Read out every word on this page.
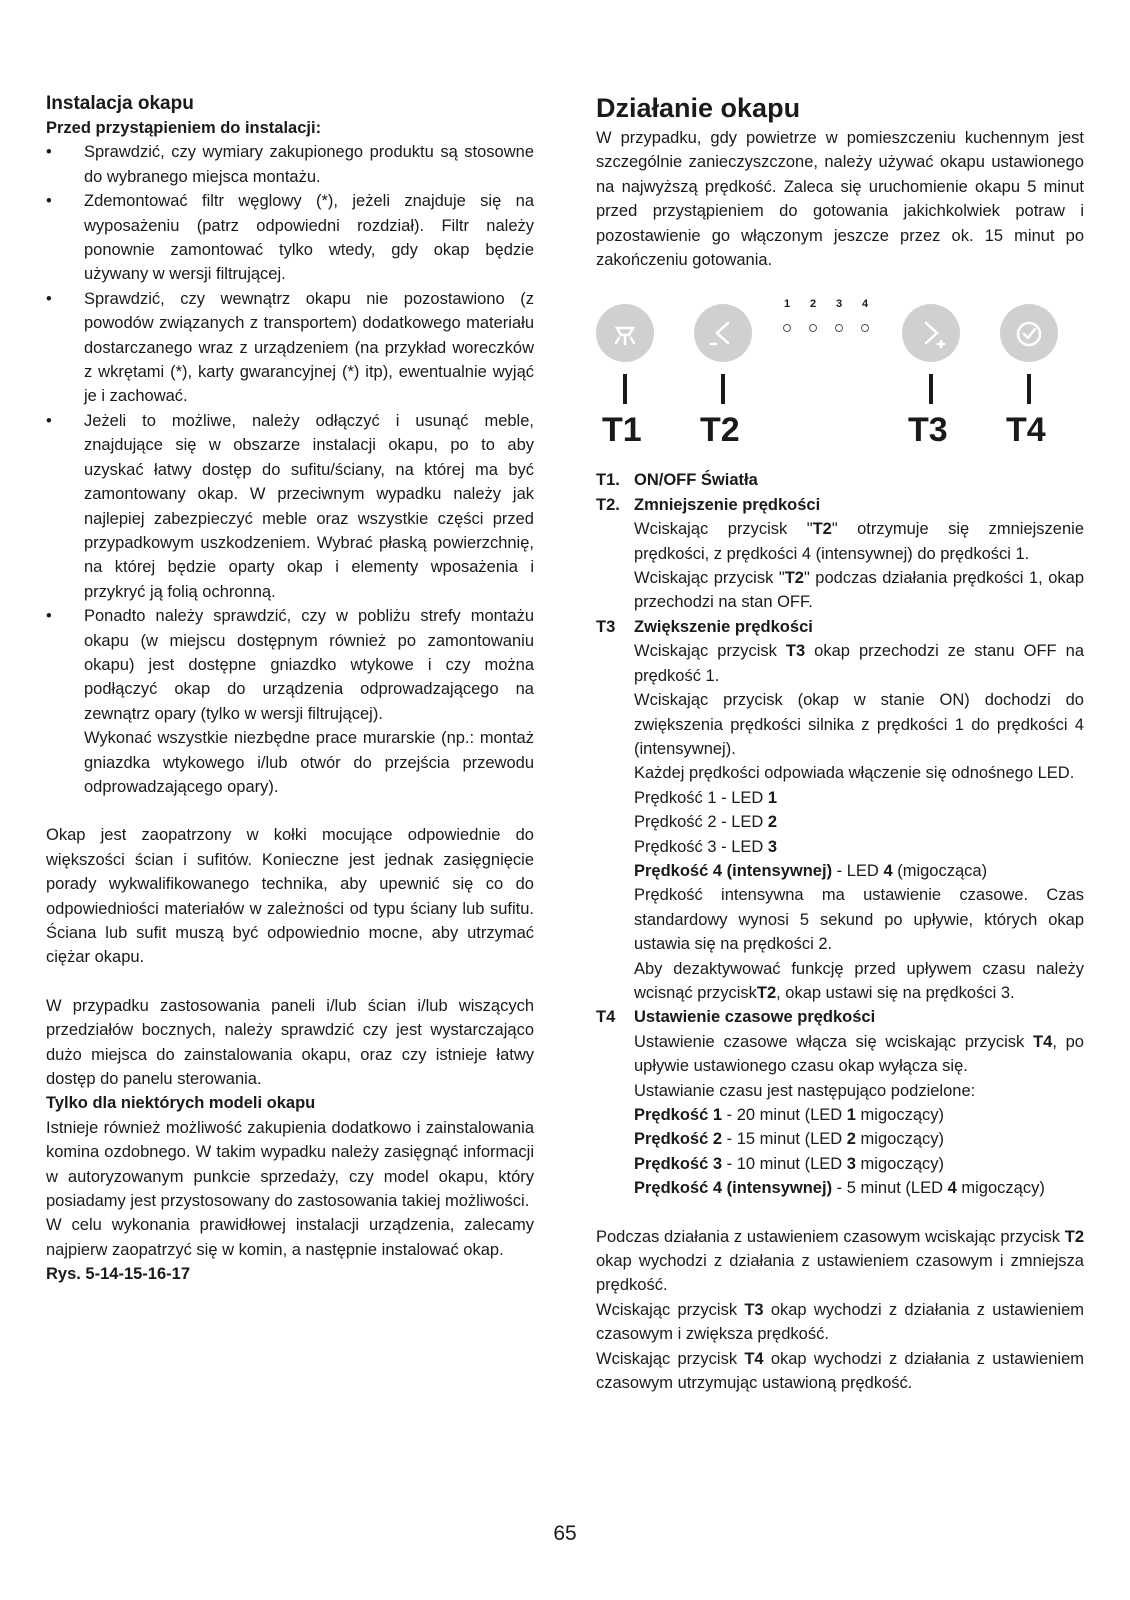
Instalacja okapu

Przed przystąpieniem do instalacji:

• Sprawdzić, czy wymiary zakupionego produktu są stosowne do wybranego miejsca montażu.
• Zdemontować filtr węglowy (*), jeżeli znajduje się na wyposażeniu (patrz odpowiedni rozdział). Filtr należy ponownie zamontować tylko wtedy, gdy okap będzie używany w wersji filtrującej.
• Sprawdzić, czy wewnątrz okapu nie pozostawiono (z powodów związanych z transportem) dodatkowego materiału dostarczanego wraz z urządzeniem (na przykład woreczków z wkrętami (*), karty gwarancyjnej (*) itp), ewentualnie wyjąć je i zachować.
• Jeżeli to możliwe, należy odłączyć i usunąć meble, znajdujące się w obszarze instalacji okapu, po to aby uzyskać łatwy dostęp do sufitu/ściany, na której ma być zamontowany okap. W przeciwnym wypadku należy jak najlepiej zabezpieczyć meble oraz wszystkie części przed przypadkowym uszkodzeniem. Wybrać płaską powierzchnię, na której będzie oparty okap i elementy wposażenia i przykryć ją folią ochronną.
• Ponadto należy sprawdzić, czy w pobliżu strefy montażu okapu (w miejscu dostępnym również po zamontowaniu okapu) jest dostępne gniazdko wtykowe i czy można podłączyć okap do urządzenia odprowadzającego na zewnątrz opary (tylko w wersji filtrującej).

Wykonać wszystkie niezbędne prace murarskie (np.: montaż gniazdka wtykowego i/lub otwór do przejścia przewodu odprowadzającego opary).

Okap jest zaopatrzony w kołki mocujące odpowiednie do większości ścian i sufitów. Konieczne jest jednak zasięgnięcie porady wykwalifikowanego technika, aby upewnić się co do odpowiedniości materiałów w zależności od typu ściany lub sufitu. Ściana lub sufit muszą być odpowiednio mocne, aby utrzymać ciężar okapu.

W przypadku zastosowania paneli i/lub ścian i/lub wiszących przedziałów bocznych, należy sprawdzić czy jest wystarczająco dużo miejsca do zainstalowania okapu, oraz czy istnieje łatwy dostęp do panelu sterowania.

Tylko dla niektórych modeli okapu

Istnieje również możliwość zakupienia dodatkowo i zainstalowania komina ozdobnego. W takim wypadku należy zasięgnąć informacji w autoryzowanym punkcie sprzedaży, czy model okapu, który posiadamy jest przystosowany do zastosowania takiej możliwości.

W celu wykonania prawidłowej instalacji urządzenia, zalecamy najpierw zaopatrzyć się w komin, a następnie instalować okap.

Rys. 5-14-15-16-17

Działanie okapu

W przypadku, gdy powietrze w pomieszczeniu kuchennym jest szczególnie zanieczyszczone, należy używać okapu ustawionego na najwyższą prędkość. Zaleca się uruchomienie okapu 5 minut przed przystąpieniem do gotowania jakichkolwiek potraw i pozostawienie go włączonym jeszcze przez ok. 15 minut po zakończeniu gotowania.

1 2 3 4
T1 T2	T3 T4
T1. ON/OFF Światła
T2. Zmniejszenie prędkości

Wciskając przycisk "T2" otrzymuje się zmniejszenie prędkości, z prędkości 4 (intensywnej) do prędkości 1.

Wciskając przycisk "T2" podczas działania prędkości 1, okap przechodzi na stan OFF.

T3	Zwiększenie prędkości

Wciskając przycisk T3 okap przechodzi ze stanu OFF na prędkość 1.

Wciskając przycisk (okap w stanie ON) dochodzi do zwiększenia prędkości silnika z prędkości 1 do prędkości 4 (intensywnej).

Każdej prędkości odpowiada włączenie się odnośnego LED.

Prędkość 1 - LED 1

Prędkość 2 - LED 2

Prędkość 3 - LED 3

Prędkość 4 (intensywnej) - LED 4 (migocząca)

Prędkość intensywna ma ustawienie czasowe. Czas standardowy wynosi 5 sekund po upływie, których okap ustawia się na prędkości 2.

Aby dezaktywować funkcję przed upływem czasu należy wcisnąć przyciskT2, okap ustawi się na prędkości 3.

T4	Ustawienie czasowe prędkości

Ustawienie czasowe włącza się wciskając przycisk T4, po upływie ustawionego czasu okap wyłącza się.

Ustawianie czasu jest następująco podzielone:

Prędkość 1 - 20 minut (LED 1 migoczący)

Prędkość 2 - 15 minut (LED 2 migoczący)

Prędkość 3 - 10 minut (LED 3 migoczący)

Prędkość 4 (intensywnej) - 5 minut (LED 4 migoczący)

Podczas działania z ustawieniem czasowym wciskając przycisk T2 okap wychodzi z działania z ustawieniem czasowym i zmniejsza prędkość.

Wciskając przycisk T3 okap wychodzi z działania z ustawieniem czasowym i zwiększa prędkość.

Wciskając przycisk T4 okap wychodzi z działania z ustawieniem czasowym utrzymując ustawioną prędkość.

65
